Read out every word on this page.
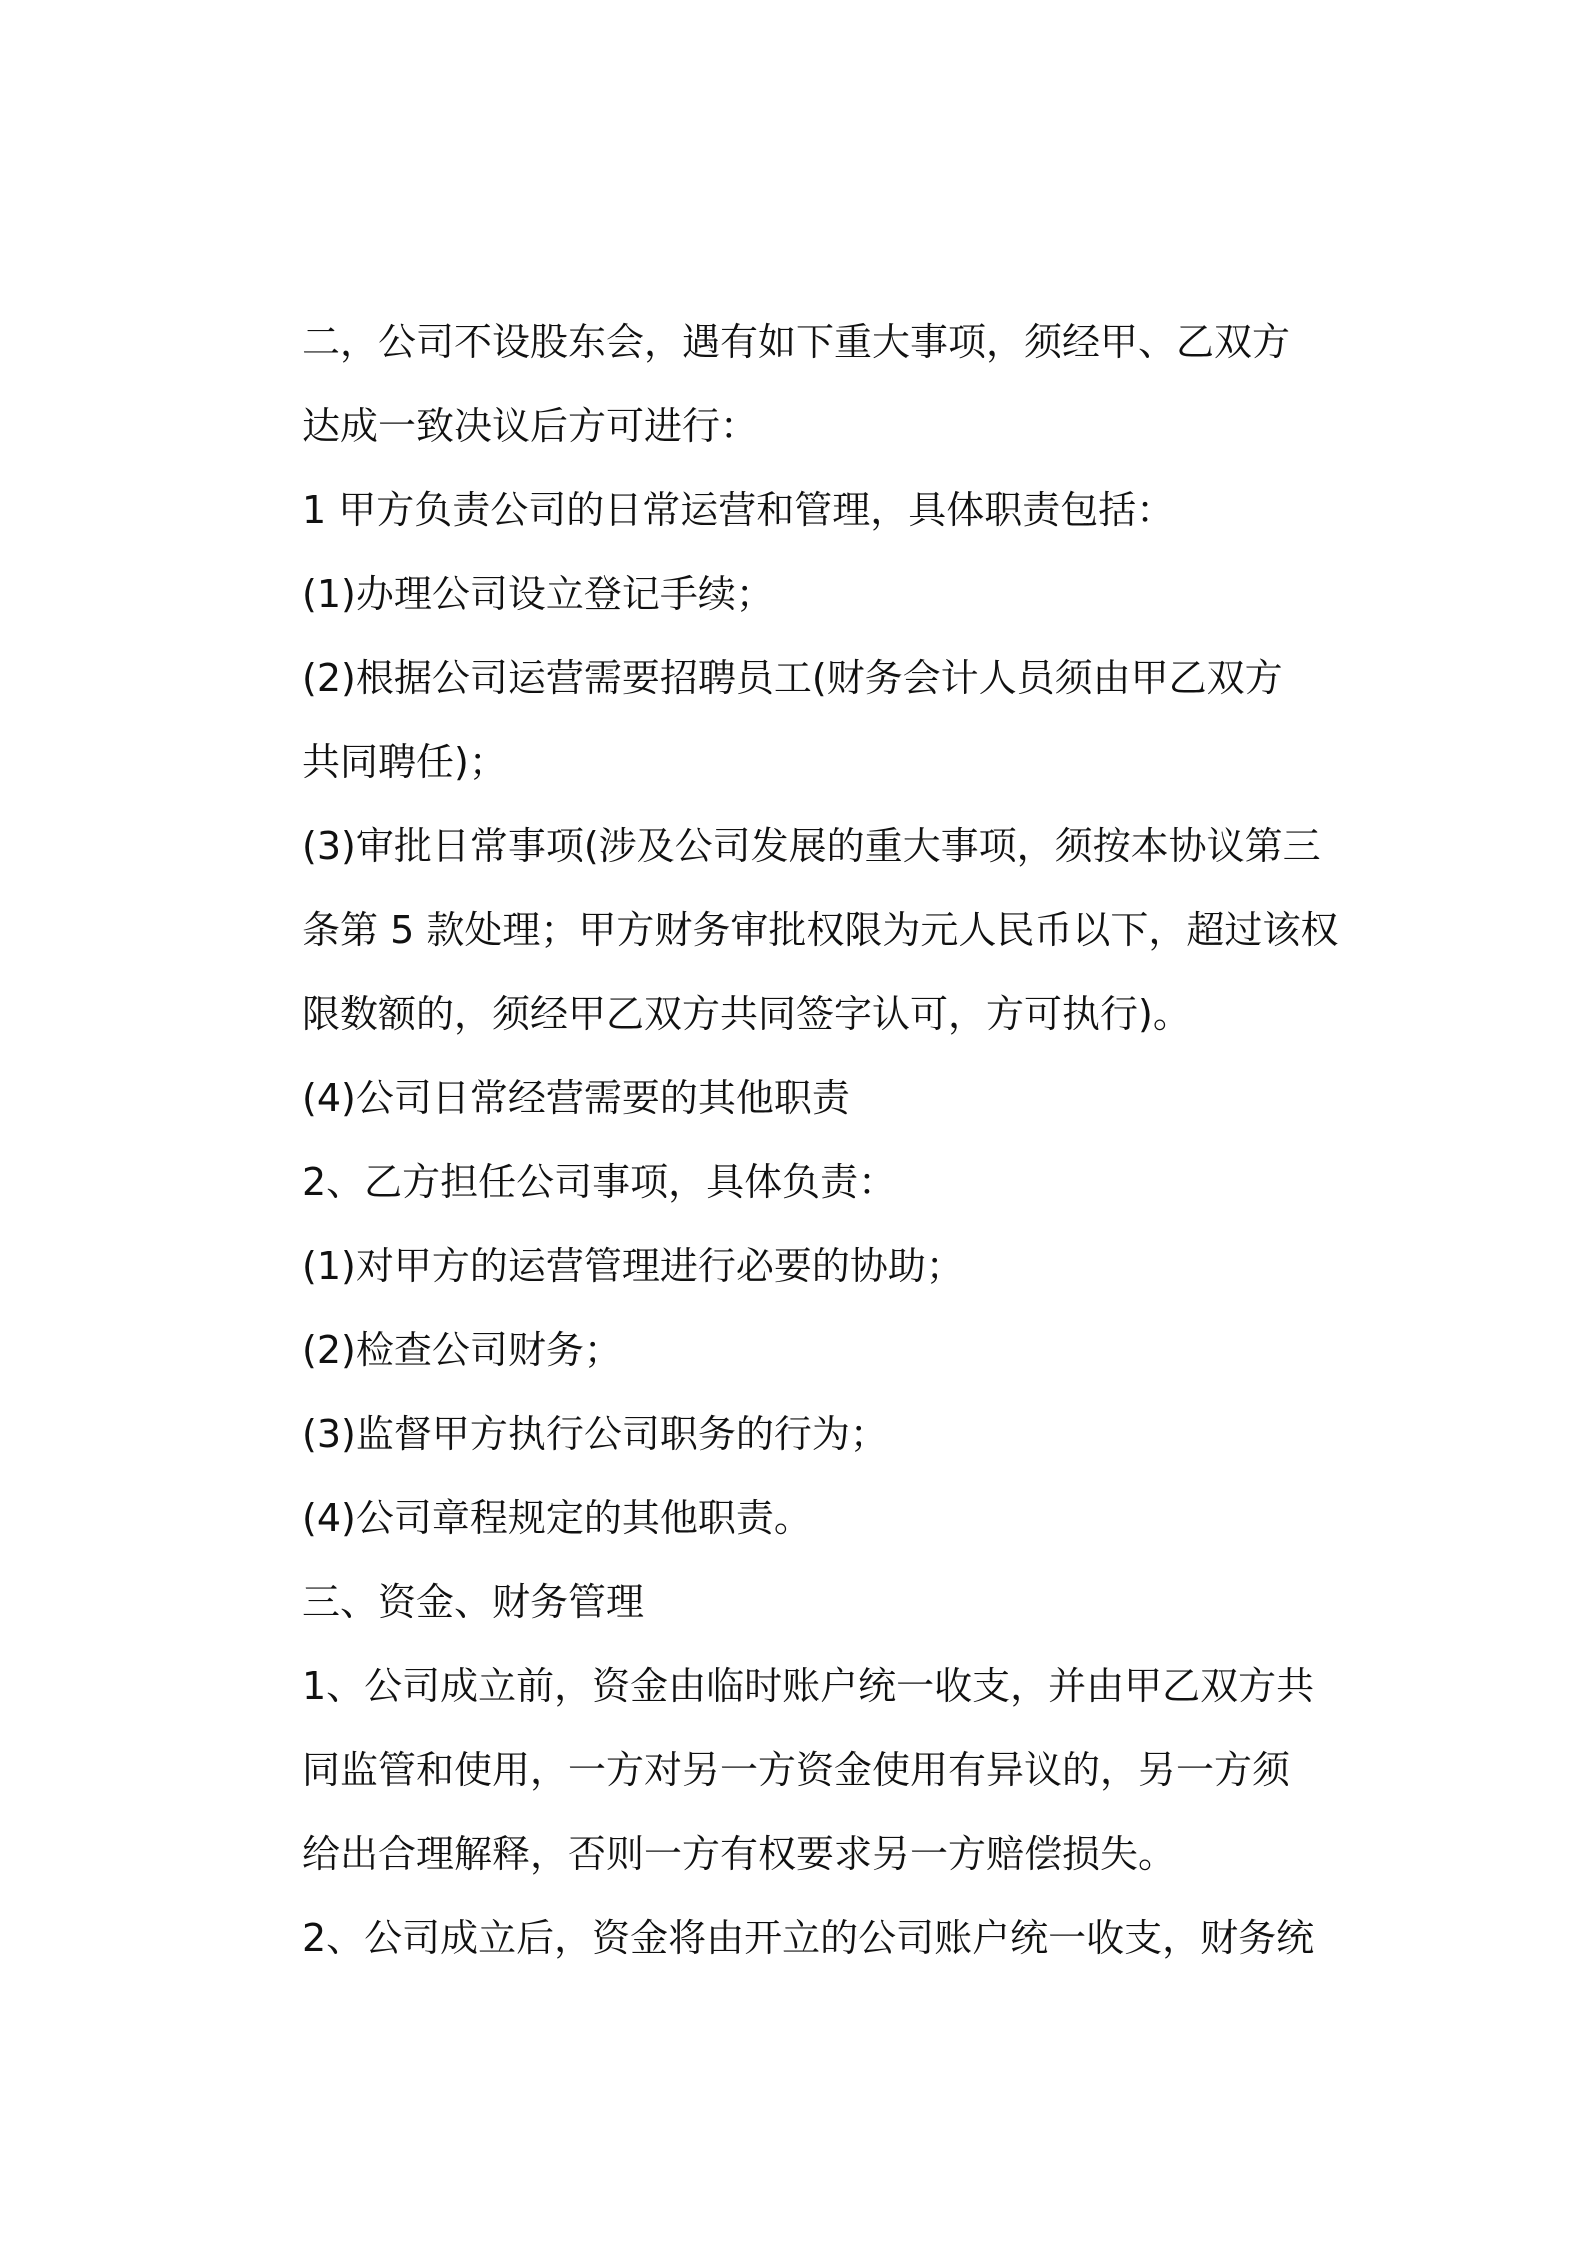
二，公司不设股东会，遇有如下重大事项，须经甲、乙双方
达成一致决议后方可进行：
1 甲方负责公司的日常运营和管理，具体职责包括：
(1)办理公司设立登记手续；
(2)根据公司运营需要招聘员工(财务会计人员须由甲乙双方
共同聘任)；
(3)审批日常事项(涉及公司发展的重大事项，须按本协议第三
条第 5 款处理；甲方财务审批权限为元人民币以下，超过该权
限数额的，须经甲乙双方共同签字认可，方可执行)。
(4)公司日常经营需要的其他职责
2、乙方担任公司事项，具体负责：
(1)对甲方的运营管理进行必要的协助；
(2)检查公司财务；
(3)监督甲方执行公司职务的行为；
(4)公司章程规定的其他职责。
三、资金、财务管理
1、公司成立前，资金由临时账户统一收支，并由甲乙双方共
同监管和使用，一方对另一方资金使用有异议的，另一方须
给出合理解释，否则一方有权要求另一方赔偿损失。
2、公司成立后，资金将由开立的公司账户统一收支，财务统
